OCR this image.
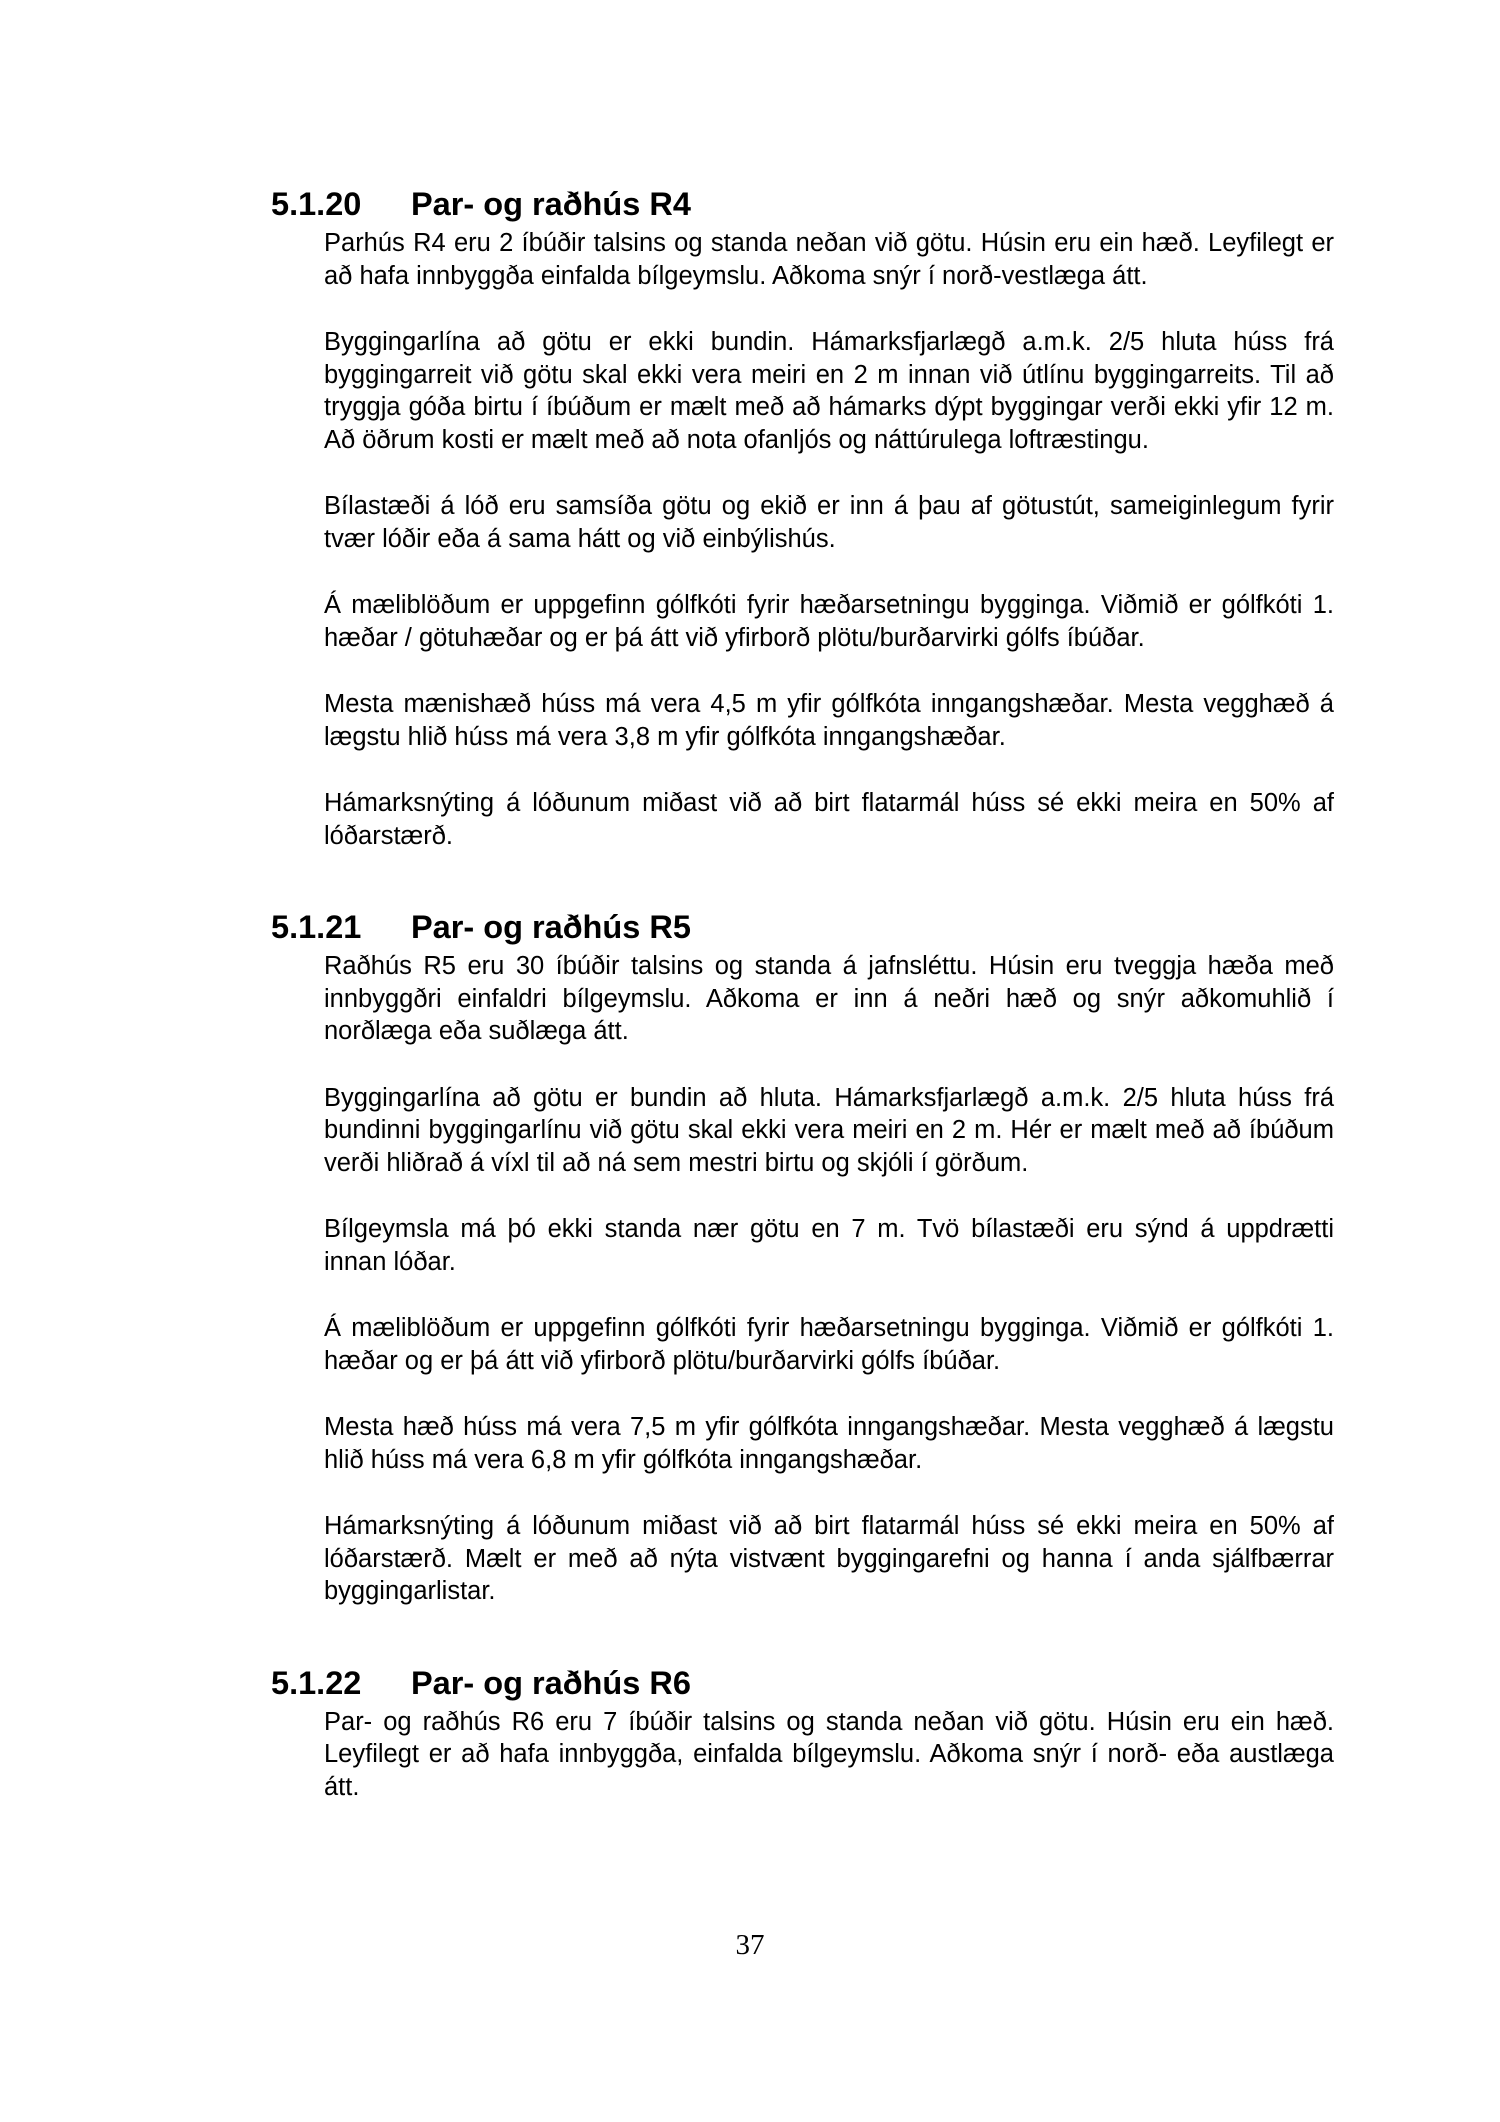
5.1.20	Par- og raðhús R4

Parhús R4 eru 2 íbúðir talsins og standa neðan við götu. Húsin eru ein hæð. Leyfilegt er að hafa innbyggða einfalda bílgeymslu. Aðkoma snýr í norð-vestlæga átt.

Byggingarlína að götu er ekki bundin. Hámarksfjarlægð a.m.k. 2/5 hluta húss frá byggingarreit við götu skal ekki vera meiri en 2 m innan við útlínu byggingarreits. Til að tryggja góða birtu í íbúðum er mælt með að hámarks dýpt byggingar verði ekki yfir 12 m. Að öðrum kosti er mælt með að nota ofanljós og náttúrulega loftræstingu.

Bílastæði á lóð eru samsíða götu og ekið er inn á þau af götustút, sameiginlegum fyrir tvær lóðir eða á sama hátt og við einbýlishús.

Á mæliblöðum er uppgefinn gólfkóti fyrir hæðarsetningu bygginga. Viðmið er gólfkóti 1. hæðar / götuhæðar og er þá átt við yfirborð plötu/burðarvirki gólfs íbúðar.

Mesta mænishæð húss má vera 4,5 m yfir gólfkóta inngangshæðar. Mesta vegghæð á lægstu hlið húss má vera 3,8 m yfir gólfkóta inngangshæðar.

Hámarksnýting á lóðunum miðast við að birt flatarmál húss sé ekki meira en 50% af lóðarstærð.

5.1.21	Par- og raðhús R5

Raðhús R5 eru 30 íbúðir talsins og standa á jafnsléttu. Húsin eru tveggja hæða með innbyggðri einfaldri bílgeymslu. Aðkoma er inn á neðri hæð og snýr aðkomuhlið í norðlæga eða suðlæga átt.

Byggingarlína að götu er bundin að hluta. Hámarksfjarlægð a.m.k. 2/5 hluta húss frá bundinni byggingarlínu við götu skal ekki vera meiri en 2 m. Hér er mælt með að íbúðum verði hliðrað á víxl til að ná sem mestri birtu og skjóli í görðum.

Bílgeymsla má þó ekki standa nær götu en 7 m. Tvö bílastæði eru sýnd á uppdrætti innan lóðar.

Á mæliblöðum er uppgefinn gólfkóti fyrir hæðarsetningu bygginga. Viðmið er gólfkóti 1. hæðar og er þá átt við yfirborð plötu/burðarvirki gólfs íbúðar.

Mesta hæð húss má vera 7,5 m yfir gólfkóta inngangshæðar. Mesta vegghæð á lægstu hlið húss má vera 6,8 m yfir gólfkóta inngangshæðar.

Hámarksnýting á lóðunum miðast við að birt flatarmál húss sé ekki meira en 50% af lóðarstærð. Mælt er með að nýta vistvænt byggingarefni og hanna í anda sjálfbærrar byggingarlistar.

5.1.22	Par- og raðhús R6

Par- og raðhús R6 eru 7 íbúðir talsins og standa neðan við götu. Húsin eru ein hæð. Leyfilegt er að hafa innbyggða, einfalda bílgeymslu. Aðkoma snýr í norð- eða austlæga átt.

37
